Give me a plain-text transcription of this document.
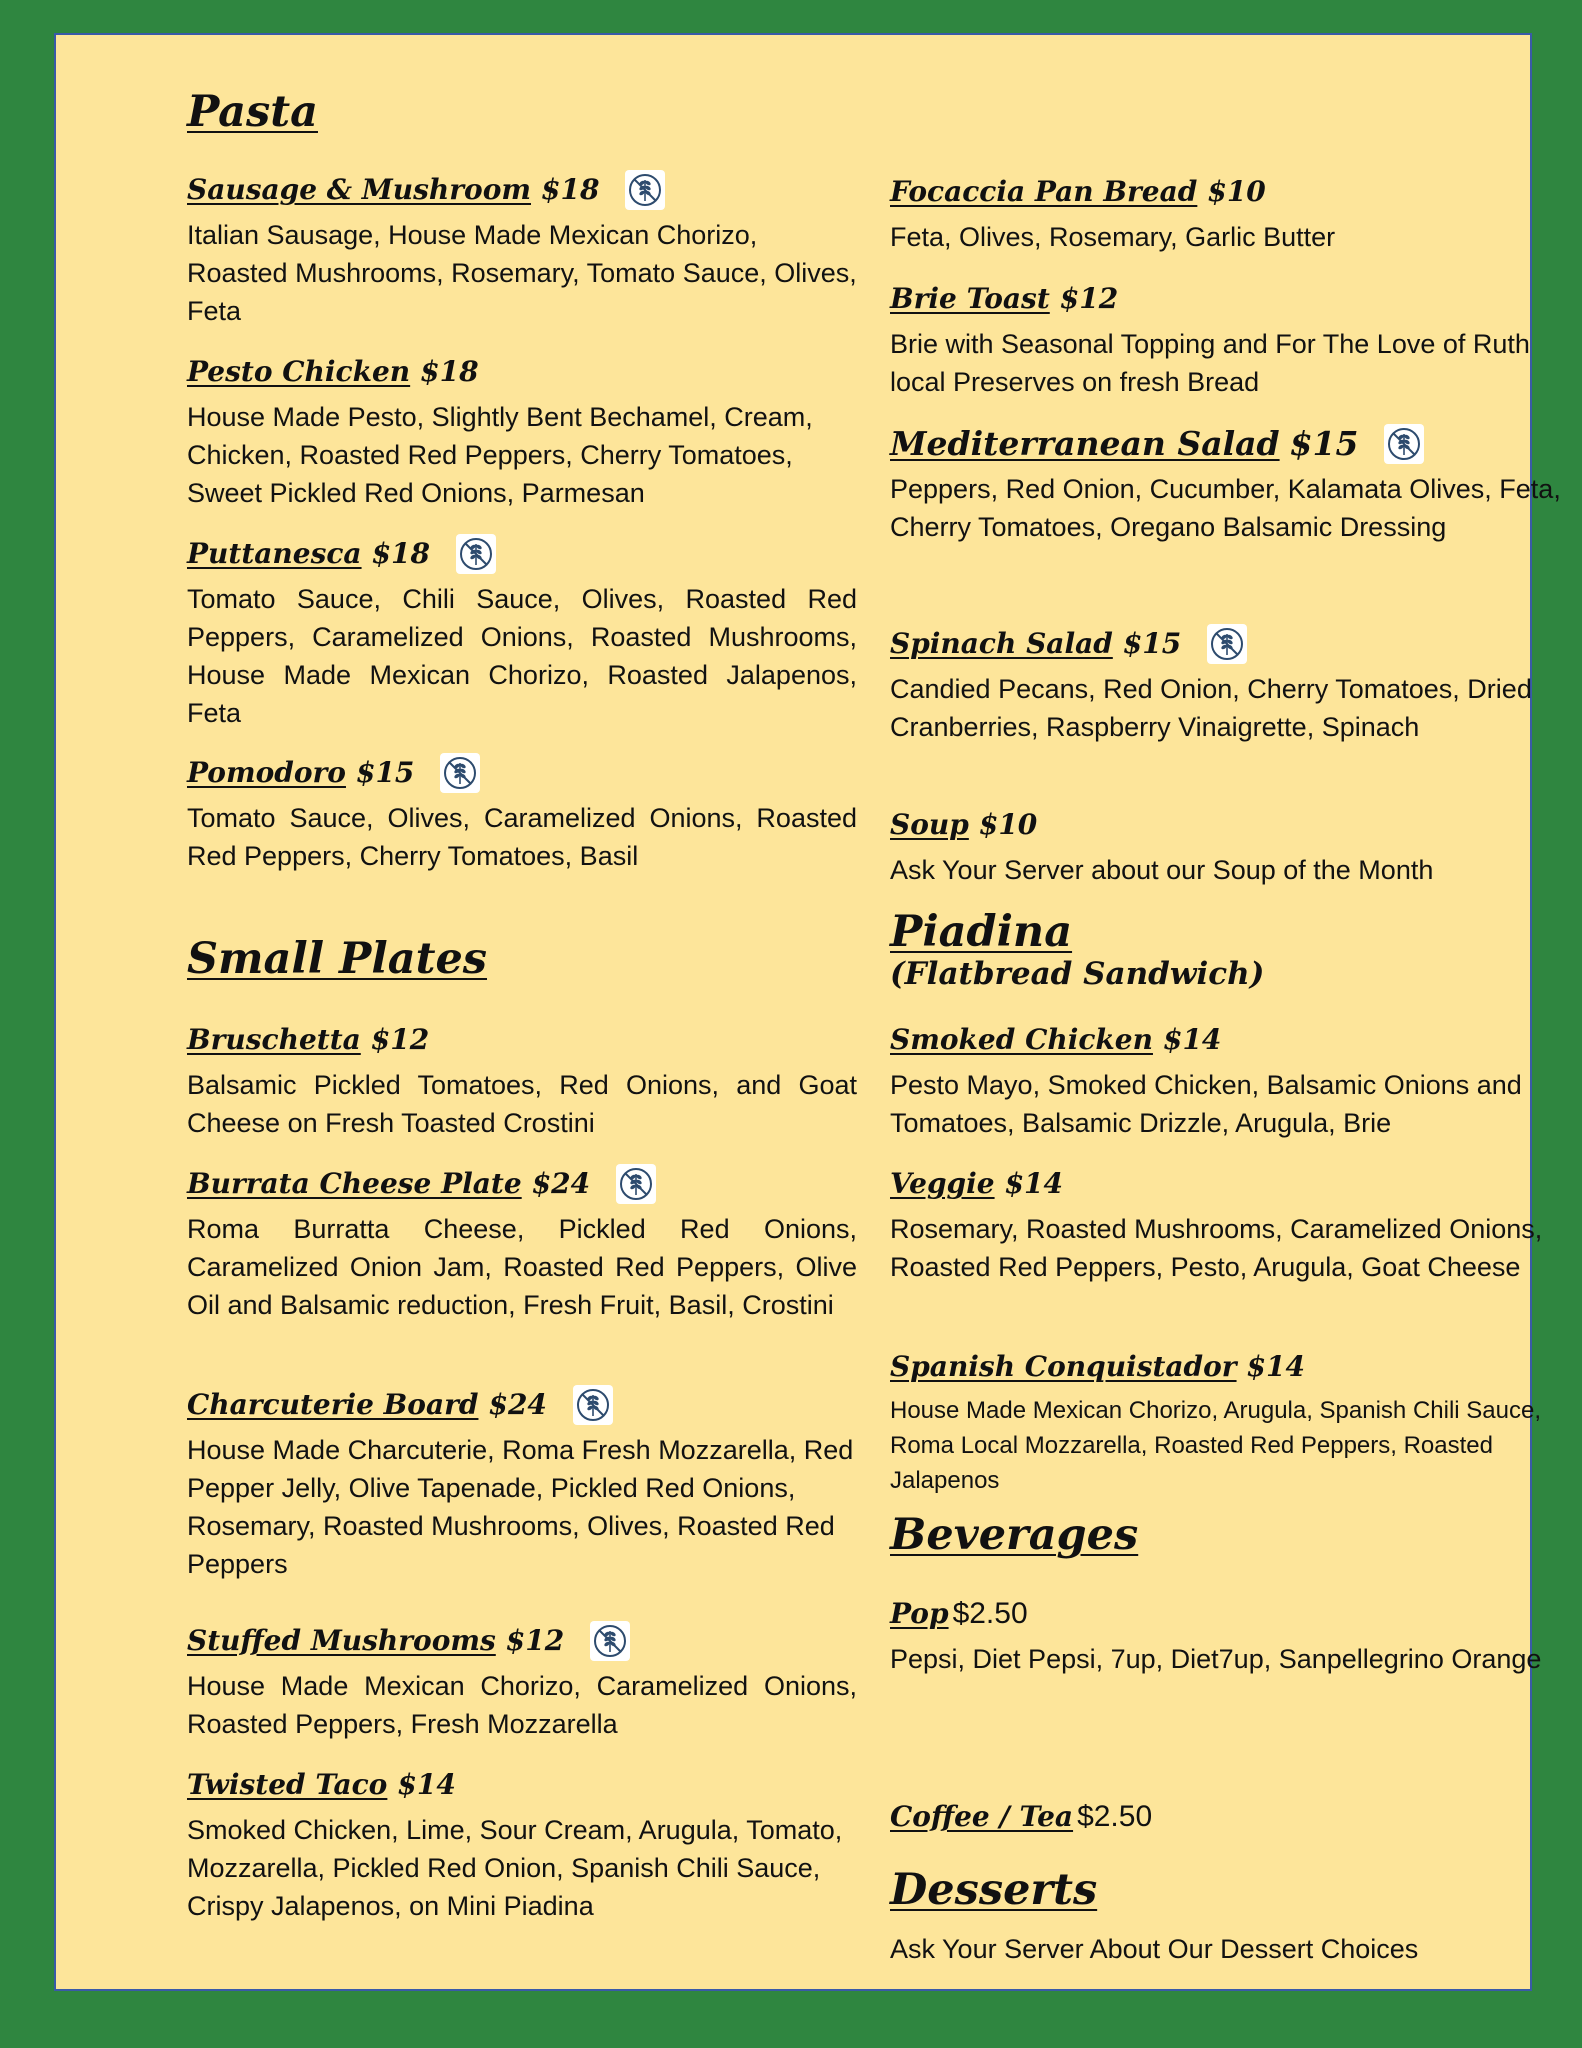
Pasta
Sausage & Mushroom $18
Italian Sausage, House Made Mexican Chorizo, Roasted Mushrooms, Rosemary, Tomato Sauce, Olives, Feta
Pesto Chicken $18
House Made Pesto, Slightly Bent Bechamel, Cream, Chicken, Roasted Red Peppers, Cherry Tomatoes, Sweet Pickled Red Onions, Parmesan
Puttanesca $18
Tomato Sauce, Chili Sauce, Olives, Roasted Red Peppers, Caramelized Onions, Roasted Mushrooms, House Made Mexican Chorizo, Roasted Jalapenos, Feta
Pomodoro $15
Tomato Sauce, Olives, Caramelized Onions, Roasted Red Peppers, Cherry Tomatoes, Basil
Small Plates
Bruschetta $12
Balsamic Pickled Tomatoes, Red Onions, and Goat Cheese on Fresh Toasted Crostini
Burrata Cheese Plate $24
Roma Burratta Cheese, Pickled Red Onions, Caramelized Onion Jam, Roasted Red Peppers, Olive Oil and Balsamic reduction, Fresh Fruit, Basil, Crostini
Charcuterie Board $24
House Made Charcuterie, Roma Fresh Mozzarella, Red Pepper Jelly, Olive Tapenade, Pickled Red Onions, Rosemary, Roasted Mushrooms, Olives, Roasted Red Peppers
Stuffed Mushrooms $12
House Made Mexican Chorizo, Caramelized Onions, Roasted Peppers, Fresh Mozzarella
Twisted Taco $14
Smoked Chicken, Lime, Sour Cream, Arugula, Tomato, Mozzarella, Pickled Red Onion, Spanish Chili Sauce, Crispy Jalapenos, on Mini Piadina
Focaccia Pan Bread $10
Feta, Olives, Rosemary, Garlic Butter
Brie Toast $12
Brie with Seasonal Topping and For The Love of Ruth local Preserves on fresh Bread
Mediterranean Salad $15
Peppers, Red Onion, Cucumber, Kalamata Olives, Feta, Cherry Tomatoes, Oregano Balsamic Dressing
Spinach Salad $15
Candied Pecans, Red Onion, Cherry Tomatoes, Dried Cranberries, Raspberry Vinaigrette, Spinach
Soup $10
Ask Your Server about our Soup of the Month
Piadina
(Flatbread Sandwich)
Smoked Chicken $14
Pesto Mayo, Smoked Chicken, Balsamic Onions and Tomatoes, Balsamic Drizzle, Arugula, Brie
Veggie $14
Rosemary, Roasted Mushrooms, Caramelized Onions, Roasted Red Peppers, Pesto, Arugula, Goat Cheese
Spanish Conquistador $14
House Made Mexican Chorizo, Arugula, Spanish Chili Sauce, Roma Local Mozzarella, Roasted Red Peppers, Roasted Jalapenos
Beverages
Pop $2.50
Pepsi, Diet Pepsi, 7up, Diet7up, Sanpellegrino Orange
Coffee / Tea $2.50
Desserts
Ask Your Server About Our Dessert Choices
